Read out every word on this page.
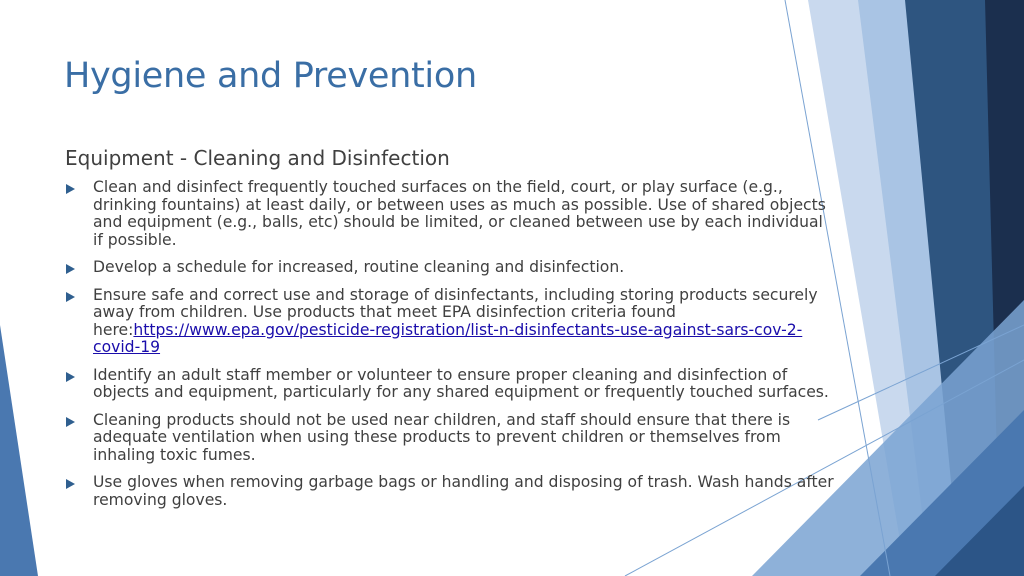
Hygiene and Prevention
Equipment - Cleaning and Disinfection
Clean and disinfect frequently touched surfaces on the field, court, or play surface (e.g., drinking fountains) at least daily, or between uses as much as possible. Use of shared objects and equipment (e.g., balls, etc) should be limited, or cleaned between use by each individual if possible.
Develop a schedule for increased, routine cleaning and disinfection.
Ensure safe and correct use and storage of disinfectants, including storing products securely away from children. Use products that meet EPA disinfection criteria found here:https://www.epa.gov/pesticide-registration/list-n-disinfectants-use-against-sars-cov-2-covid-19
Identify an adult staff member or volunteer to ensure proper cleaning and disinfection of objects and equipment, particularly for any shared equipment or frequently touched surfaces.
Cleaning products should not be used near children, and staff should ensure that there is adequate ventilation when using these products to prevent children or themselves from inhaling toxic fumes.
Use gloves when removing garbage bags or handling and disposing of trash. Wash hands after removing gloves.
